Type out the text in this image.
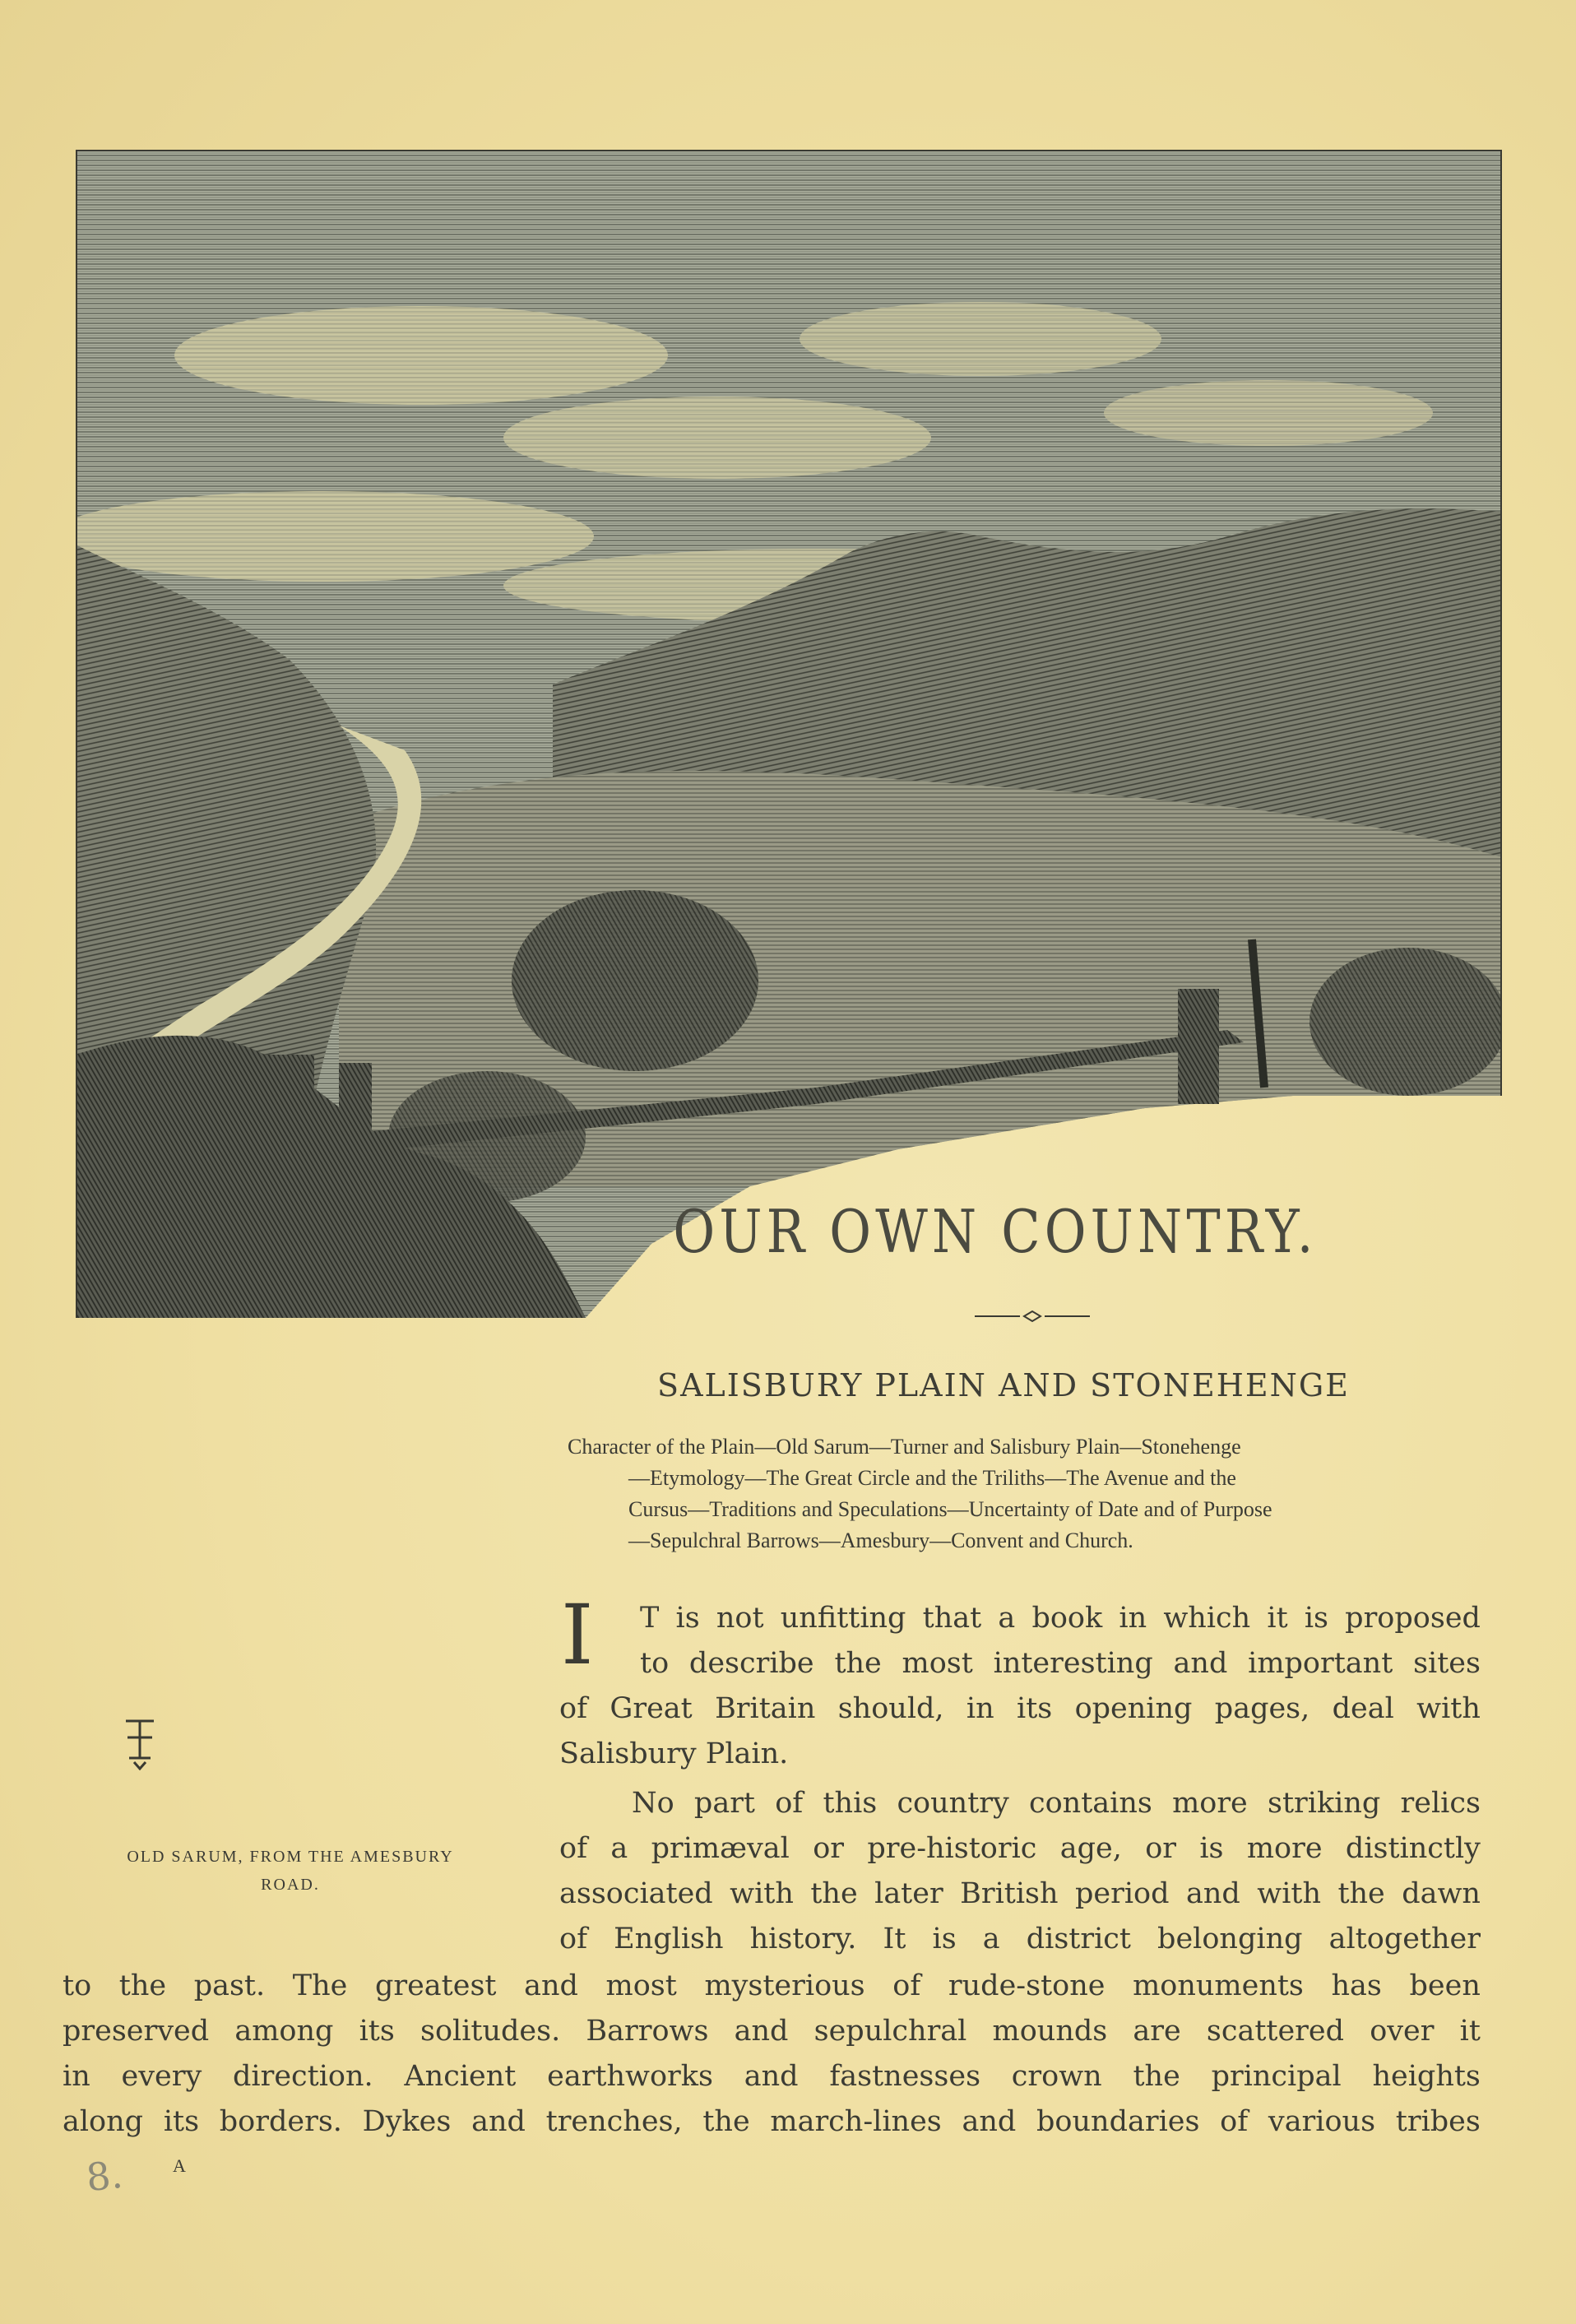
OUR OWN COUNTRY.
SALISBURY PLAIN AND STONEHENGE
Character of the Plain—Old Sarum—Turner and Salisbury Plain—Stonehenge
—Etymology—The Great Circle and the Triliths—The Avenue and the
Cursus—Traditions and Speculations—Uncertainty of Date and of Purpose
—Sepulchral Barrows—Amesbury—Convent and Church.
OLD SARUM, FROM THE AMESBURY
ROAD.
I T is not unfitting that a book in which it is proposed
to describe the most interesting and important sites
of Great Britain should, in its opening pages, deal with
Salisbury Plain.
No part of this country contains more striking relics
of a primæval or pre-historic age, or is more distinctly
associated with the later British period and with the dawn
of English history. It is a district belonging altogether
to the past. The greatest and most mysterious of rude-stone monuments has been
preserved among its solitudes. Barrows and sepulchral mounds are scattered over it
in every direction. Ancient earthworks and fastnesses crown the principal heights
along its borders. Dykes and trenches, the march-lines and boundaries of various tribes
8.	A
